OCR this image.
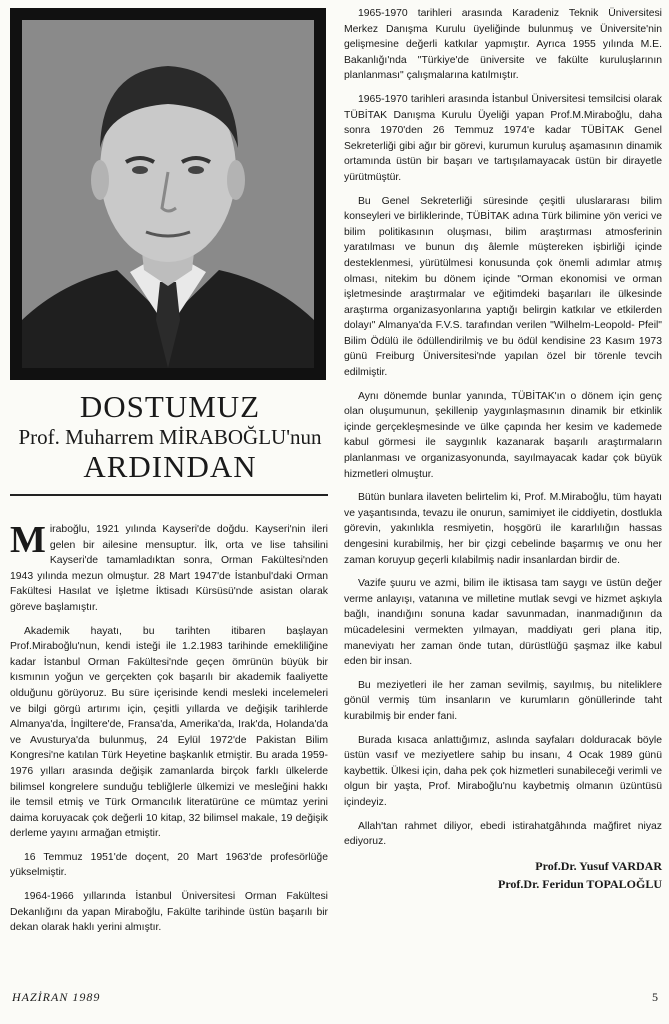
DOSTUMUZ
Prof. Muharrem MİRABOĞLU'nun
ARDINDAN

Miraboğlu, 1921 yılında Kayseri'de doğdu. Kayseri'nin ileri gelen bir ailesine mensuptur. İlk, orta ve lise tahsilini Kayseri'de tamamladıktan sonra, Orman Fakültesi'nden 1943 yılında mezun olmuştur. 28 Mart 1947'de İstanbul'daki Orman Fakültesi Hasılat ve İşletme İktisadı Kürsüsü'nde asistan olarak göreve başlamıştır.

Akademik hayatı, bu tarihten itibaren başlayan Prof.Miraboğlu'nun, kendi isteği ile 1.2.1983 tarihinde emekliliğine kadar İstanbul Orman Fakültesi'nde geçen ömrünün büyük bir kısmının yoğun ve gerçekten çok başarılı bir akademik faaliyette olduğunu görüyoruz. Bu süre içerisinde kendi mesleki incelemeleri ve bilgi görgü artırımı için, çeşitli yıllarda ve değişik tarihlerde Almanya'da, İngiltere'de, Fransa'da, Amerika'da, Irak'da, Holanda'da ve Avusturya'da bulunmuş, 24 Eylül 1972'de Pakistan Bilim Kongresi'ne katılan Türk Heyetine başkanlık etmiştir. Bu arada 1959-1976 yılları arasında değişik zamanlarda birçok farklı ülkelerde bilimsel kongrelere sunduğu tebliğlerle ülkemizi ve mesleğini hakkı ile temsil etmiş ve Türk Ormancılık literatürüne ce mümtaz yerini daima koruyacak çok değerli 10 kitap, 32 bilimsel makale, 19 değişik derleme yayını armağan etmiştir.

16 Temmuz 1951'de doçent, 20 Mart 1963'de profesörlüğe yükselmiştir.

1964-1966 yıllarında İstanbul Üniversitesi Orman Fakültesi Dekanlığını da yapan Miraboğlu, Fakülte tarihinde üstün başarılı bir dekan olarak haklı yerini almıştır.

1965-1970 tarihleri arasında Karadeniz Teknik Üniversitesi Merkez Danışma Kurulu üyeliğinde bulunmuş ve Üniversite'nin gelişmesine değerli katkılar yapmıştır. Ayrıca 1955 yılında M.E. Bakanlığı'nda "Türkiye'de üniversite ve fakülte kuruluşlarının planlanması" çalışmalarına katılmıştır.

1965-1970 tarihleri arasında İstanbul Üniversitesi temsilcisi olarak TÜBİTAK Danışma Kurulu Üyeliği yapan Prof.M.Miraboğlu, daha sonra 1970'den 26 Temmuz 1974'e kadar TÜBİTAK Genel Sekreterliği gibi ağır bir görevi, kurumun kuruluş aşamasının dinamik ortamında üstün bir başarı ve tartışılamayacak üstün bir dirayetle yürütmüştür.

Bu Genel Sekreterliği süresinde çeşitli uluslararası bilim konseyleri ve birliklerinde, TÜBİTAK adına Türk bilimine yön verici ve bilim politikasının oluşması, bilim araştırması atmosferinin yaratılması ve bunun dış âlemle müştereken işbirliği içinde desteklenmesi, yürütülmesi konusunda çok önemli adımlar atmış olması, nitekim bu dönem içinde "Orman ekonomisi ve orman işletmesinde araştırmalar ve eğitimdeki başarıları ile ülkesinde araştırma organizasyonlarına yaptığı belirgin katkılar ve etkilerden dolayı" Almanya'da F.V.S. tarafından verilen "Wilhelm-Leopold- Pfeil" Bilim Ödülü ile ödüllendirilmiş ve bu ödül kendisine 23 Kasım 1973 günü Freiburg Üniversitesi'nde yapılan özel bir törenle tevcih edilmiştir.

Aynı dönemde bunlar yanında, TÜBİTAK'ın o dönem için genç olan oluşumunun, şekillenip yaygınlaşmasının dinamik bir etkinlik içinde gerçekleşmesinde ve ülke çapında her kesim ve kademede kabul görmesi ile saygınlık kazanarak başarılı araştırmaların planlanması ve organizasyonunda, sayılmayacak kadar çok büyük hizmetleri olmuştur.

Bütün bunlara ilaveten belirtelim ki, Prof. M.Miraboğlu, tüm hayatı ve yaşantısında, tevazu ile onurun, samimiyet ile ciddiyetin, dostlukla görevin, yakınlıkla resmiyetin, hoşgörü ile kararlılığın hassas dengesini kurabilmiş, her bir çizgi cebelinde başarmış ve onu her zaman koruyup geçerli kılabilmiş nadir insanlardan birdir de.

Vazife şuuru ve azmi, bilim ile iktisasa tam saygı ve üstün değer verme anlayışı, vatanına ve milletine mutlak sevgi ve hizmet aşkıyla bağlı, inandığını sonuna kadar savunmadan, inanmadığının da mücadelesini vermekten yılmayan, maddiyatı geri plana itip, maneviyatı her zaman önde tutan, dürüstlüğü şaşmaz ilke kabul eden bir insan.

Bu meziyetleri ile her zaman sevilmiş, sayılmış, bu niteliklere gönül vermiş tüm insanların ve kurumların gönüllerinde taht kurabilmiş bir ender fani.

Burada kısaca anlattığımız, aslında sayfaları dolduracak böyle üstün vasıf ve meziyetlere sahip bu insanı, 4 Ocak 1989 günü kaybettik. Ülkesi için, daha pek çok hizmetleri sunabileceği verimli ve olgun bir yaşta, Prof. Miraboğlu'nu kaybetmiş olmanın üzüntüsü içindeyiz.

Allah'tan rahmet diliyor, ebedi istirahatgâhında mağfiret niyaz ediyoruz.

Prof.Dr. Yusuf VARDAR
Prof.Dr. Feridun TOPALOĞLU
HAZİRAN 1989	5
